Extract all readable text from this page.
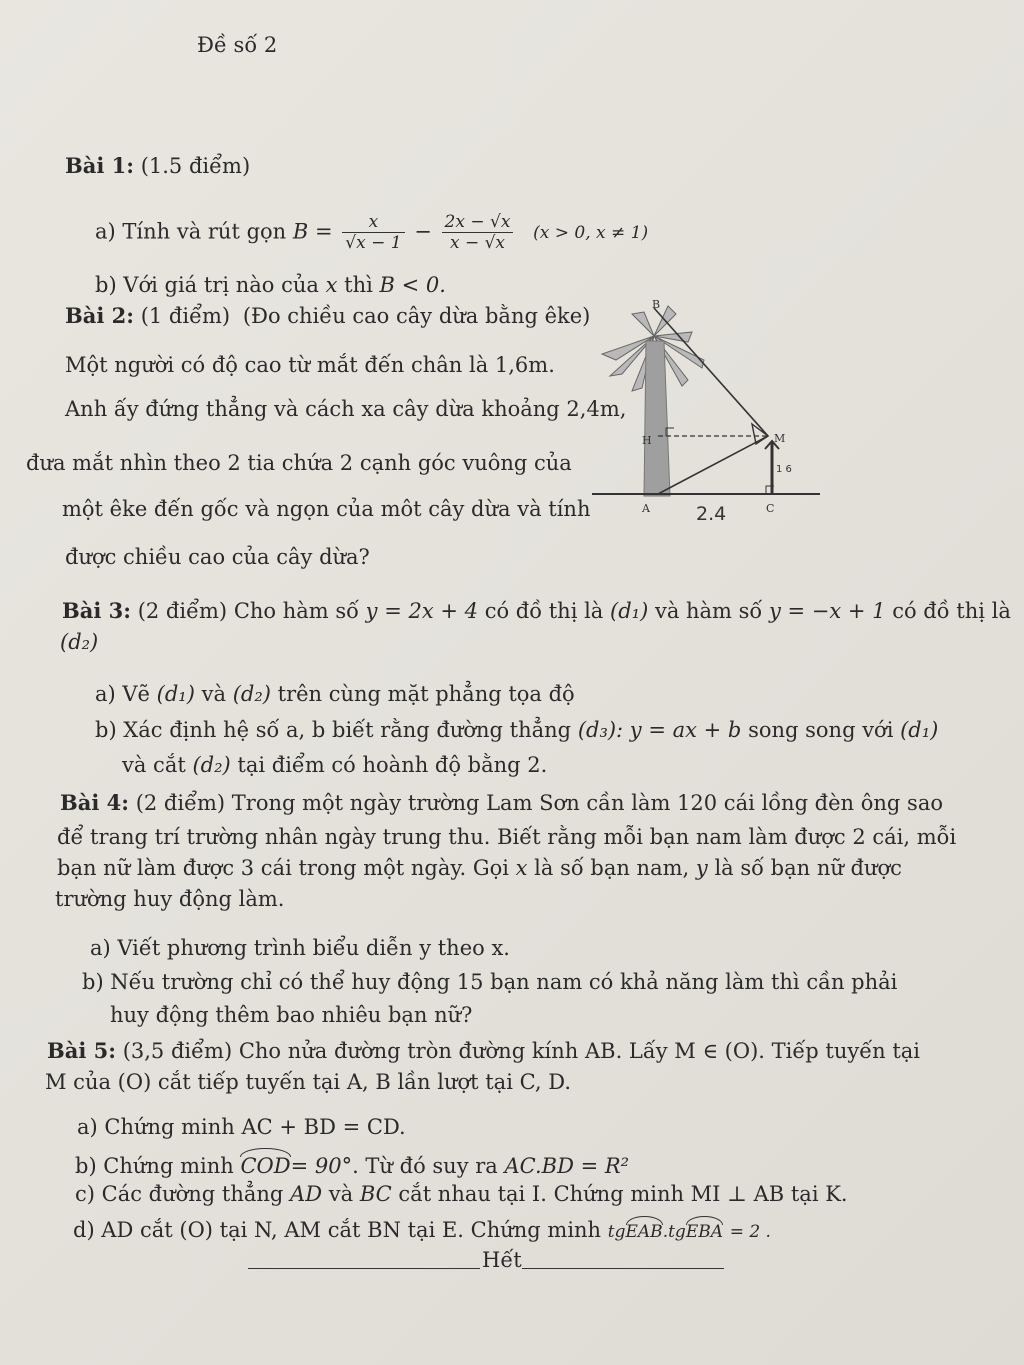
Đề số 2
Bài 1: (1.5 điểm)
a) Tính và rút gọn $B = \frac{x}{√x - 1} - \frac{2x - √x}{x - √x} (x > 0$, x ≠ 1)
b) Với giá trị nào của x thì B < 0.
Bài 2: (1 điểm) (Đo chiều cao cây dừa bằng êke)
Một người có độ cao từ mắt đến chân là 1,6m.
Anh ấy đứng thẳng và cách xa cây dừa khoảng 2,4m,
đưa mắt nhìn theo 2 tia chứa 2 cạnh góc vuông của
một êke đến gốc và ngọn của môt cây dừa và tính
được chiều cao của cây dừa?
B
H	M
A	C
2.4
1 6
Bài 3: (2 điểm) Cho hàm số y = 2x + 4 có đồ thị là (d₁) và hàm số y = −x + 1 có đồ thị là
(d₂)
a) Vẽ (d₁) và (d₂) trên cùng mặt phẳng tọa độ
b) Xác định hệ số a, b biết rằng đường thẳng (d₃): y = ax + b song song với (d₁)
và cắt (d₂) tại điểm có hoành độ bằng 2.
Bài 4: (2 điểm) Trong một ngày trường Lam Sơn cần làm 120 cái lồng đèn ông sao
để trang trí trường nhân ngày trung thu. Biết rằng mỗi bạn nam làm được 2 cái, mỗi
bạn nữ làm được 3 cái trong một ngày. Gọi x là số bạn nam, y là số bạn nữ được
trường huy động làm.
a) Viết phương trình biểu diễn y theo x.
b) Nếu trường chỉ có thể huy động 15 bạn nam có khả năng làm thì cần phải
huy động thêm bao nhiêu bạn nữ?
Bài 5: (3,5 điểm) Cho nửa đường tròn đường kính AB. Lấy M ∈ (O). Tiếp tuyến tại
M của (O) cắt tiếp tuyến tại A, B lần lượt tại C, D.
a) Chứng minh AC + BD = CD.
b) Chứng minh COD= 90°. Từ đó suy ra AC.BD = R²
c) Các đường thẳng AD và BC cắt nhau tại I. Chứng minh MI ⊥ AB tại K.
d) AD cắt (O) tại N, AM cắt BN tại E. Chứng minh tgEAB.tgEBA = 2 .
Hết
